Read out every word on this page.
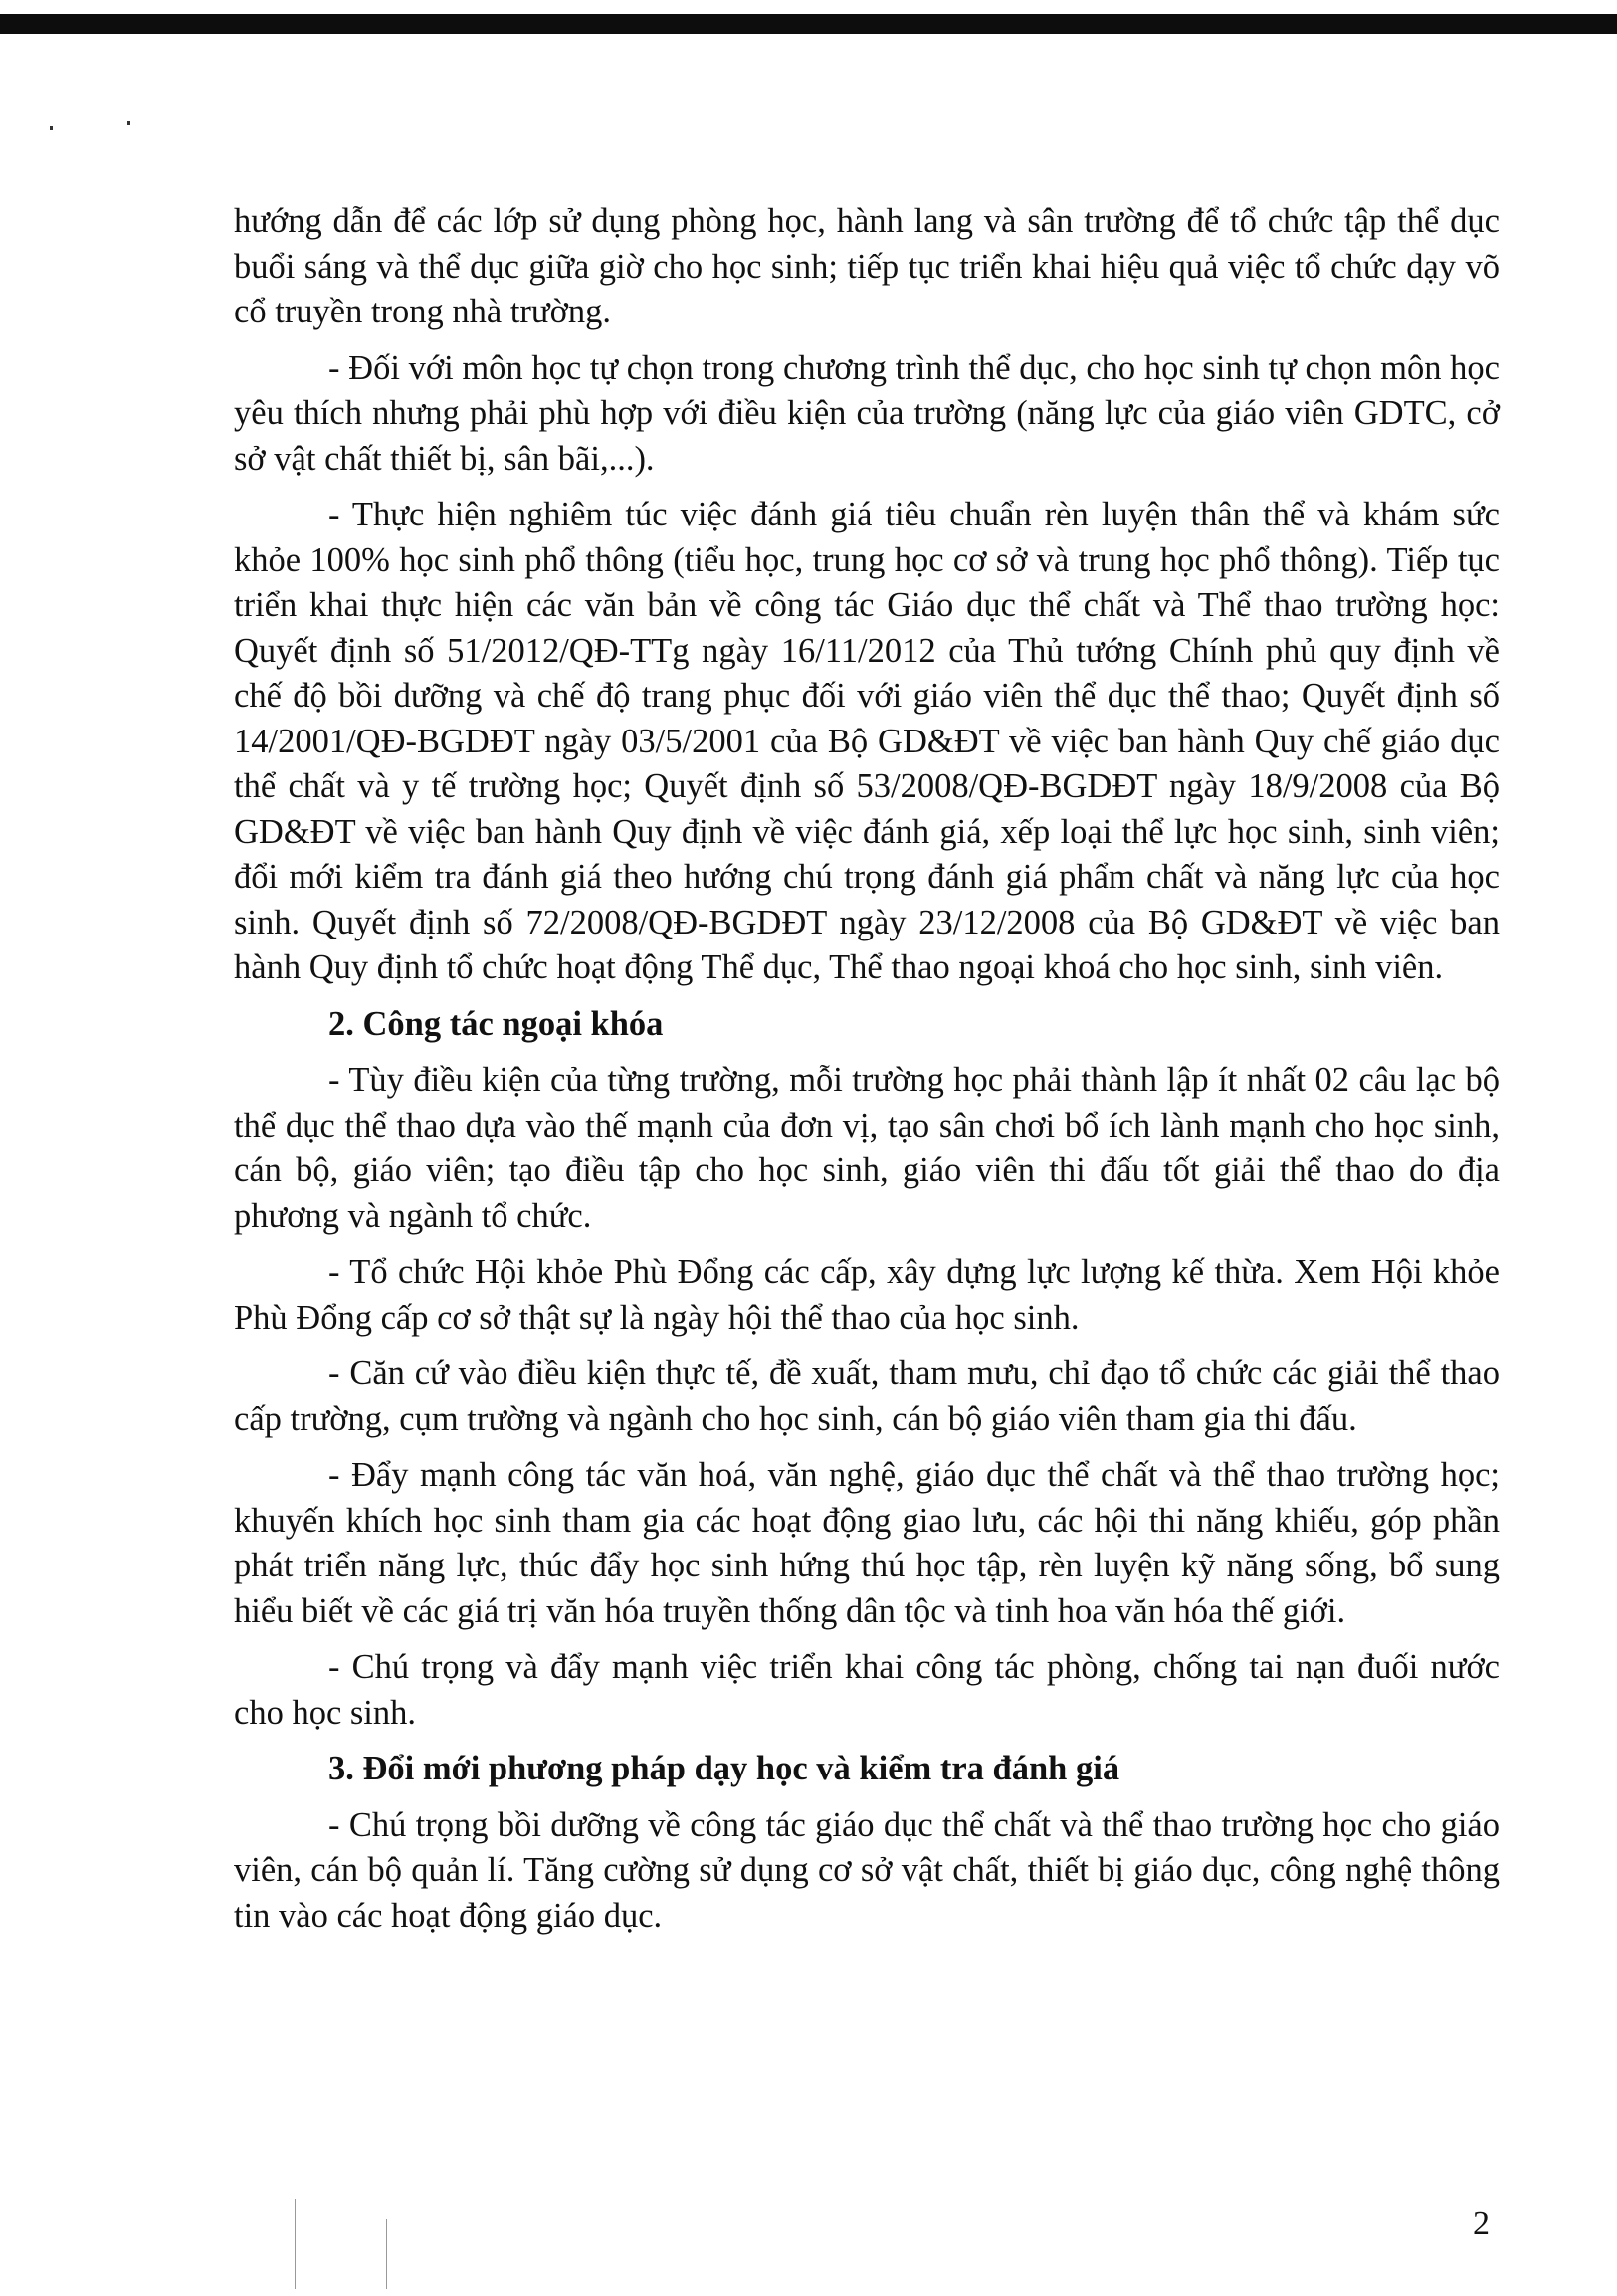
hướng dẫn để các lớp sử dụng phòng học, hành lang và sân trường để tổ chức tập thể dục buổi sáng và thể dục giữa giờ cho học sinh; tiếp tục triển khai hiệu quả việc tổ chức dạy võ cổ truyền trong nhà trường.

- Đối với môn học tự chọn trong chương trình thể dục, cho học sinh tự chọn môn học yêu thích nhưng phải phù hợp với điều kiện của trường (năng lực của giáo viên GDTC, cở sở vật chất thiết bị, sân bãi,...).

- Thực hiện nghiêm túc việc đánh giá tiêu chuẩn rèn luyện thân thể và khám sức khỏe 100% học sinh phổ thông (tiểu học, trung học cơ sở và trung học phổ thông). Tiếp tục triển khai thực hiện các văn bản về công tác Giáo dục thể chất và Thể thao trường học: Quyết định số 51/2012/QĐ-TTg ngày 16/11/2012 của Thủ tướng Chính phủ quy định về chế độ bồi dưỡng và chế độ trang phục đối với giáo viên thể dục thể thao; Quyết định số 14/2001/QĐ-BGDĐT ngày 03/5/2001 của Bộ GD&ĐT về việc ban hành Quy chế giáo dục thể chất và y tế trường học; Quyết định số 53/2008/QĐ-BGDĐT ngày 18/9/2008 của Bộ GD&ĐT về việc ban hành Quy định về việc đánh giá, xếp loại thể lực học sinh, sinh viên; đổi mới kiểm tra đánh giá theo hướng chú trọng đánh giá phẩm chất và năng lực của học sinh. Quyết định số 72/2008/QĐ-BGDĐT ngày 23/12/2008 của Bộ GD&ĐT về việc ban hành Quy định tổ chức hoạt động Thể dục, Thể thao ngoại khoá cho học sinh, sinh viên.

2. Công tác ngoại khóa

- Tùy điều kiện của từng trường, mỗi trường học phải thành lập ít nhất 02 câu lạc bộ thể dục thể thao dựa vào thế mạnh của đơn vị, tạo sân chơi bổ ích lành mạnh cho học sinh, cán bộ, giáo viên; tạo điều tập cho học sinh, giáo viên thi đấu tốt giải thể thao do địa phương và ngành tổ chức.

- Tổ chức Hội khỏe Phù Đổng các cấp, xây dựng lực lượng kế thừa. Xem Hội khỏe Phù Đổng cấp cơ sở thật sự là ngày hội thể thao của học sinh.

- Căn cứ vào điều kiện thực tế, đề xuất, tham mưu, chỉ đạo tổ chức các giải thể thao cấp trường, cụm trường và ngành cho học sinh, cán bộ giáo viên tham gia thi đấu.

- Đẩy mạnh công tác văn hoá, văn nghệ, giáo dục thể chất và thể thao trường học; khuyến khích học sinh tham gia các hoạt động giao lưu, các hội thi năng khiếu, góp phần phát triển năng lực, thúc đẩy học sinh hứng thú học tập, rèn luyện kỹ năng sống, bổ sung hiểu biết về các giá trị văn hóa truyền thống dân tộc và tinh hoa văn hóa thế giới.

- Chú trọng và đẩy mạnh việc triển khai công tác phòng, chống tai nạn đuối nước cho học sinh.

3. Đổi mới phương pháp dạy học và kiểm tra đánh giá

- Chú trọng bồi dưỡng về công tác giáo dục thể chất và thể thao trường học cho giáo viên, cán bộ quản lí. Tăng cường sử dụng cơ sở vật chất, thiết bị giáo dục, công nghệ thông tin vào các hoạt động giáo dục.

2
